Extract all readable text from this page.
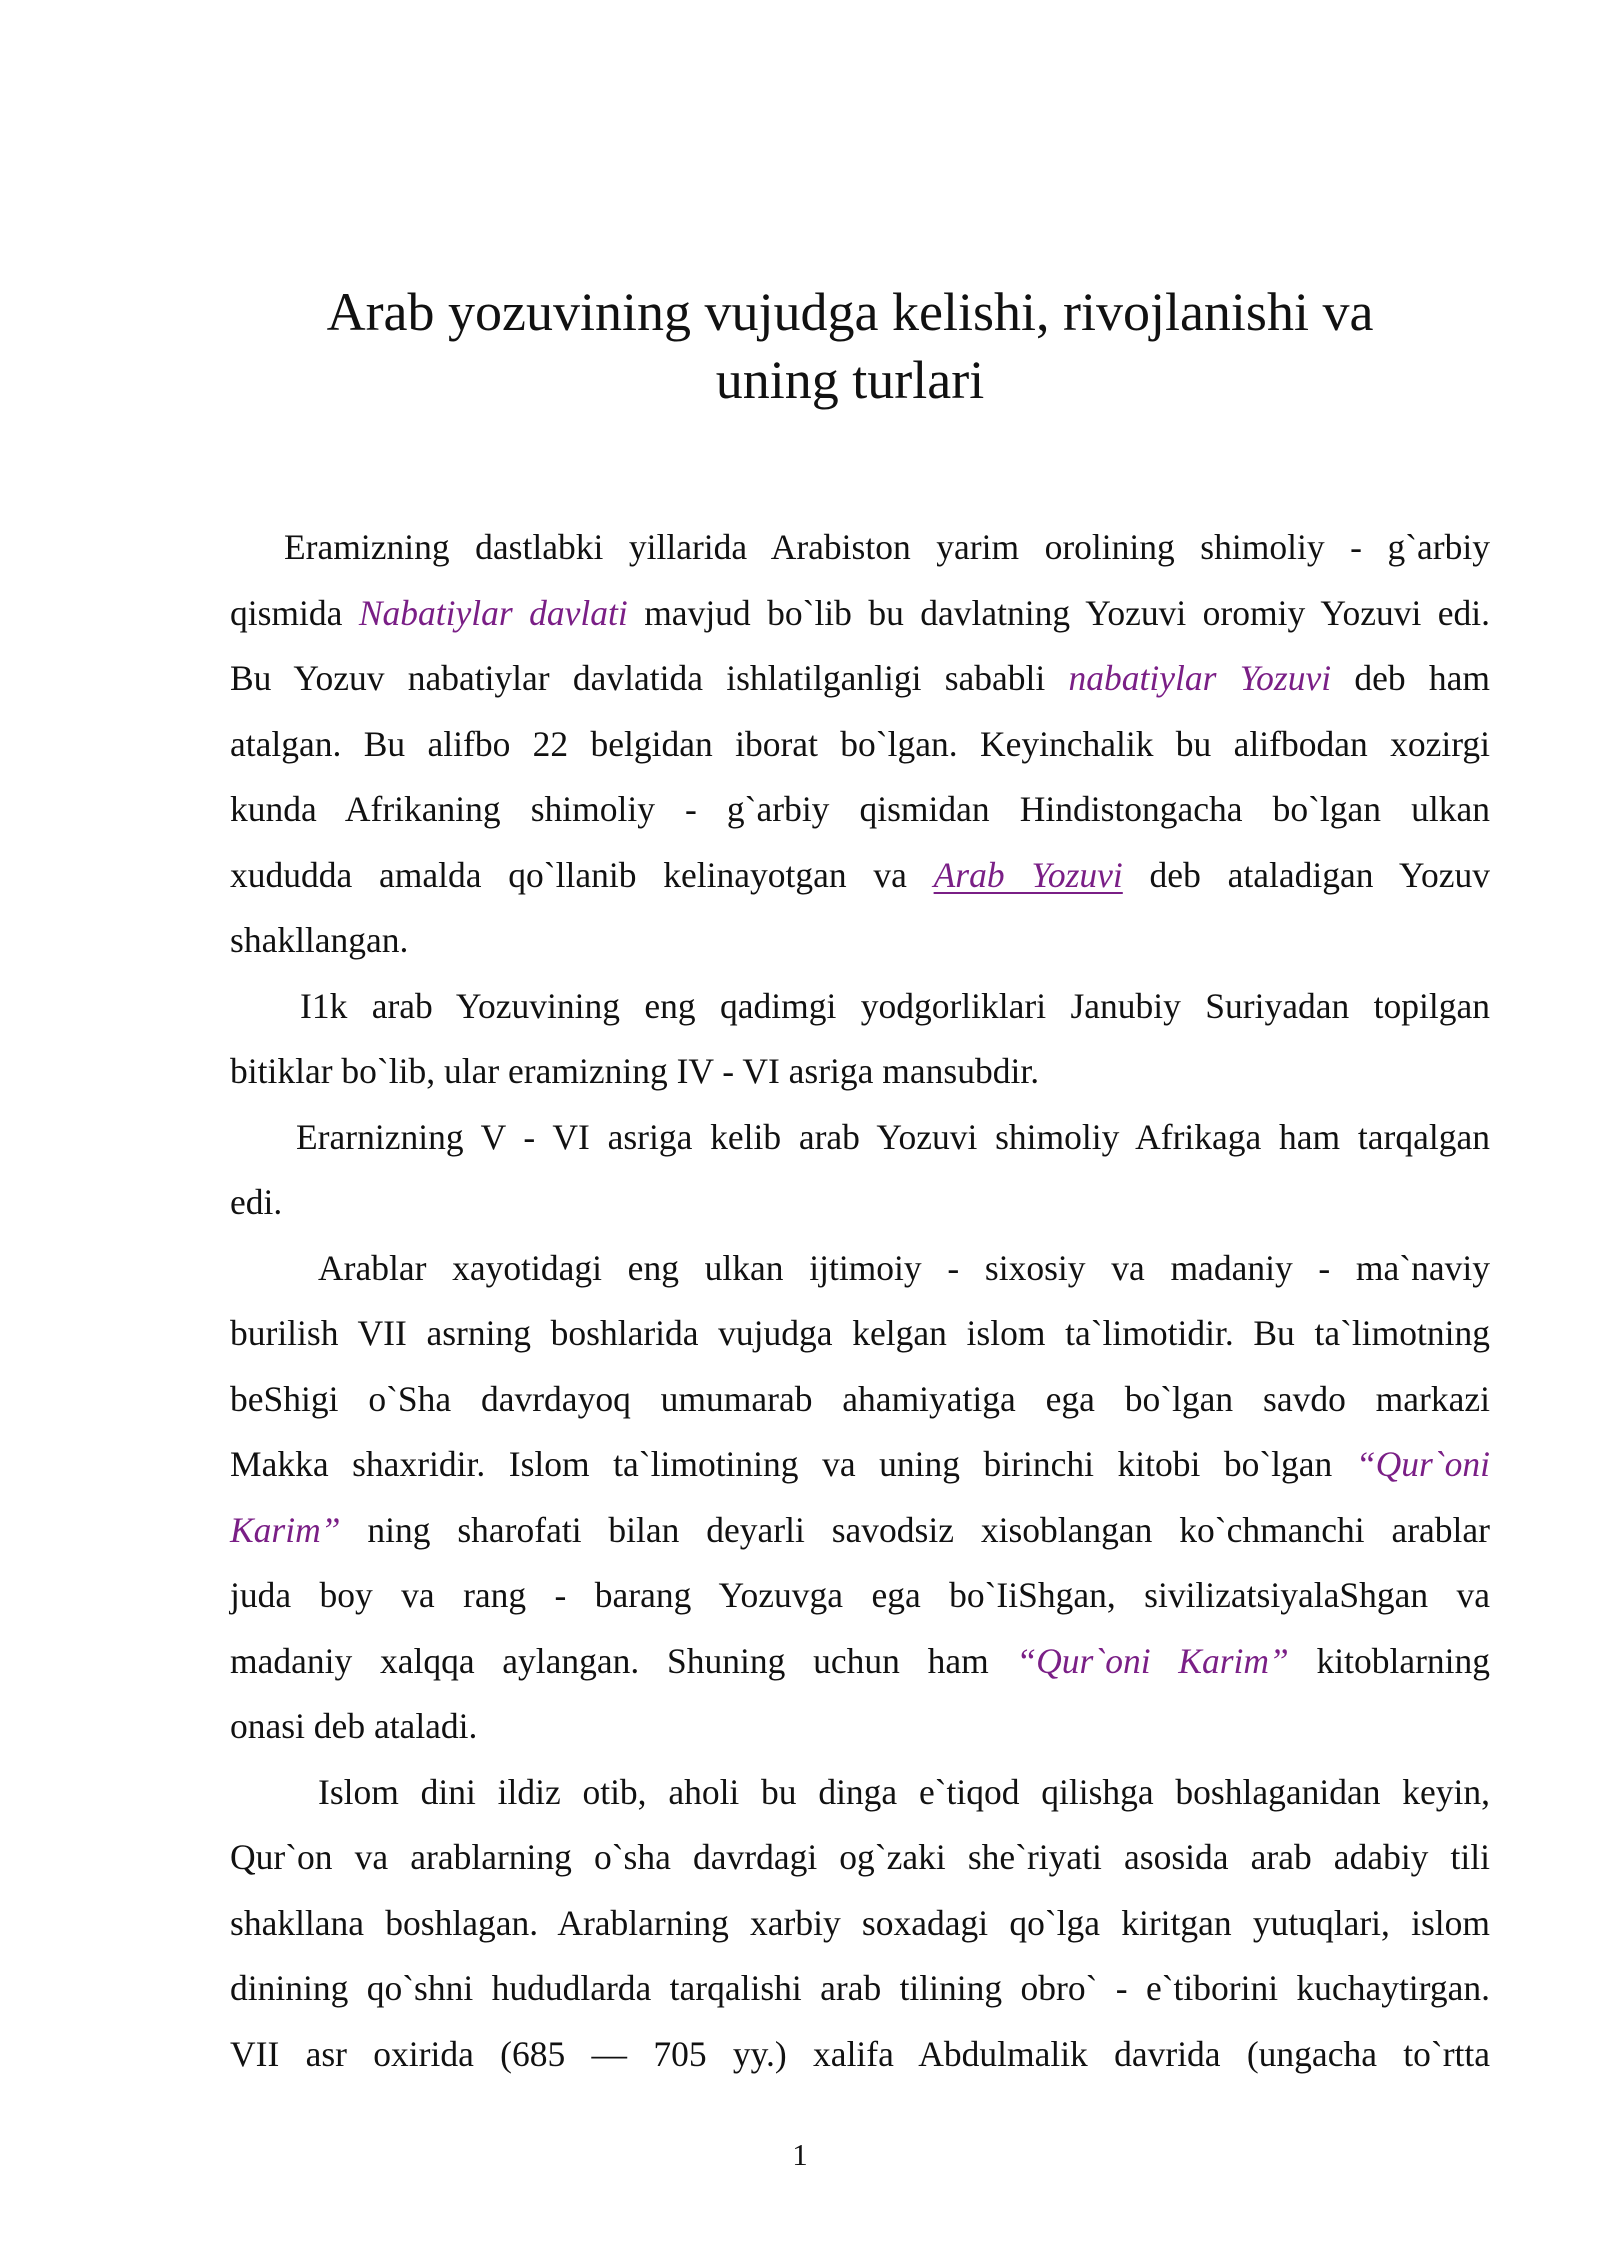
Arab yozuvining vujudga kelishi, rivojlanishi va
uning turlari
Eramizning dastlabki yillarida Arabiston yarim orolining shimoliy - g`arbiy
qismida Nabatiylar davlati mavjud bo`lib bu davlatning Yozuvi oromiy Yozuvi edi.
Bu Yozuv nabatiylar davlatida ishlatilganligi sababli nabatiylar Yozuvi deb ham
atalgan. Bu alifbo 22 belgidan iborat bo`lgan. Keyinchalik bu alifbodan xozirgi
kunda Afrikaning shimoliy - g`arbiy qismidan Hindistongacha bo`lgan ulkan
xududda amalda qo`llanib kelinayotgan va Arab Yozuvi deb ataladigan Yozuv
shakllangan.
I1k arab Yozuvining eng qadimgi yodgorliklari Janubiy Suriyadan topilgan
bitiklar bo`lib, ular eramizning IV - VI asriga mansubdir.
Erarnizning V - VI asriga kelib arab Yozuvi shimoliy Afrikaga ham tarqalgan
edi.
Arablar xayotidagi eng ulkan ijtimoiy - sixosiy va madaniy - ma`naviy
burilish VII asrning boshlarida vujudga kelgan islom ta`limotidir. Bu ta`limotning
beShigi o`Sha davrdayoq umumarab ahamiyatiga ega bo`lgan savdo markazi
Makka shaxridir. Islom ta`limotining va uning birinchi kitobi bo`lgan “Qur`oni
Karim” ning sharofati bilan deyarli savodsiz xisoblangan ko`chmanchi arablar
juda boy va rang - barang Yozuvga ega bo`IiShgan, sivilizatsiyalaShgan va
madaniy xalqqa aylangan. Shuning uchun ham “Qur`oni Karim” kitoblarning
onasi deb ataladi.
Islom dini ildiz otib, aholi bu dinga e`tiqod qilishga boshlaganidan keyin,
Qur`on va arablarning o`sha davrdagi og`zaki she`riyati asosida arab adabiy tili
shakllana boshlagan. Arablarning xarbiy soxadagi qo`lga kiritgan yutuqlari, islom
dinining qo`shni hududlarda tarqalishi arab tilining obro` - e`tiborini kuchaytirgan.
VII asr oxirida (685 — 705 yy.) xalifa Abdulmalik davrida (ungacha to`rtta
1
